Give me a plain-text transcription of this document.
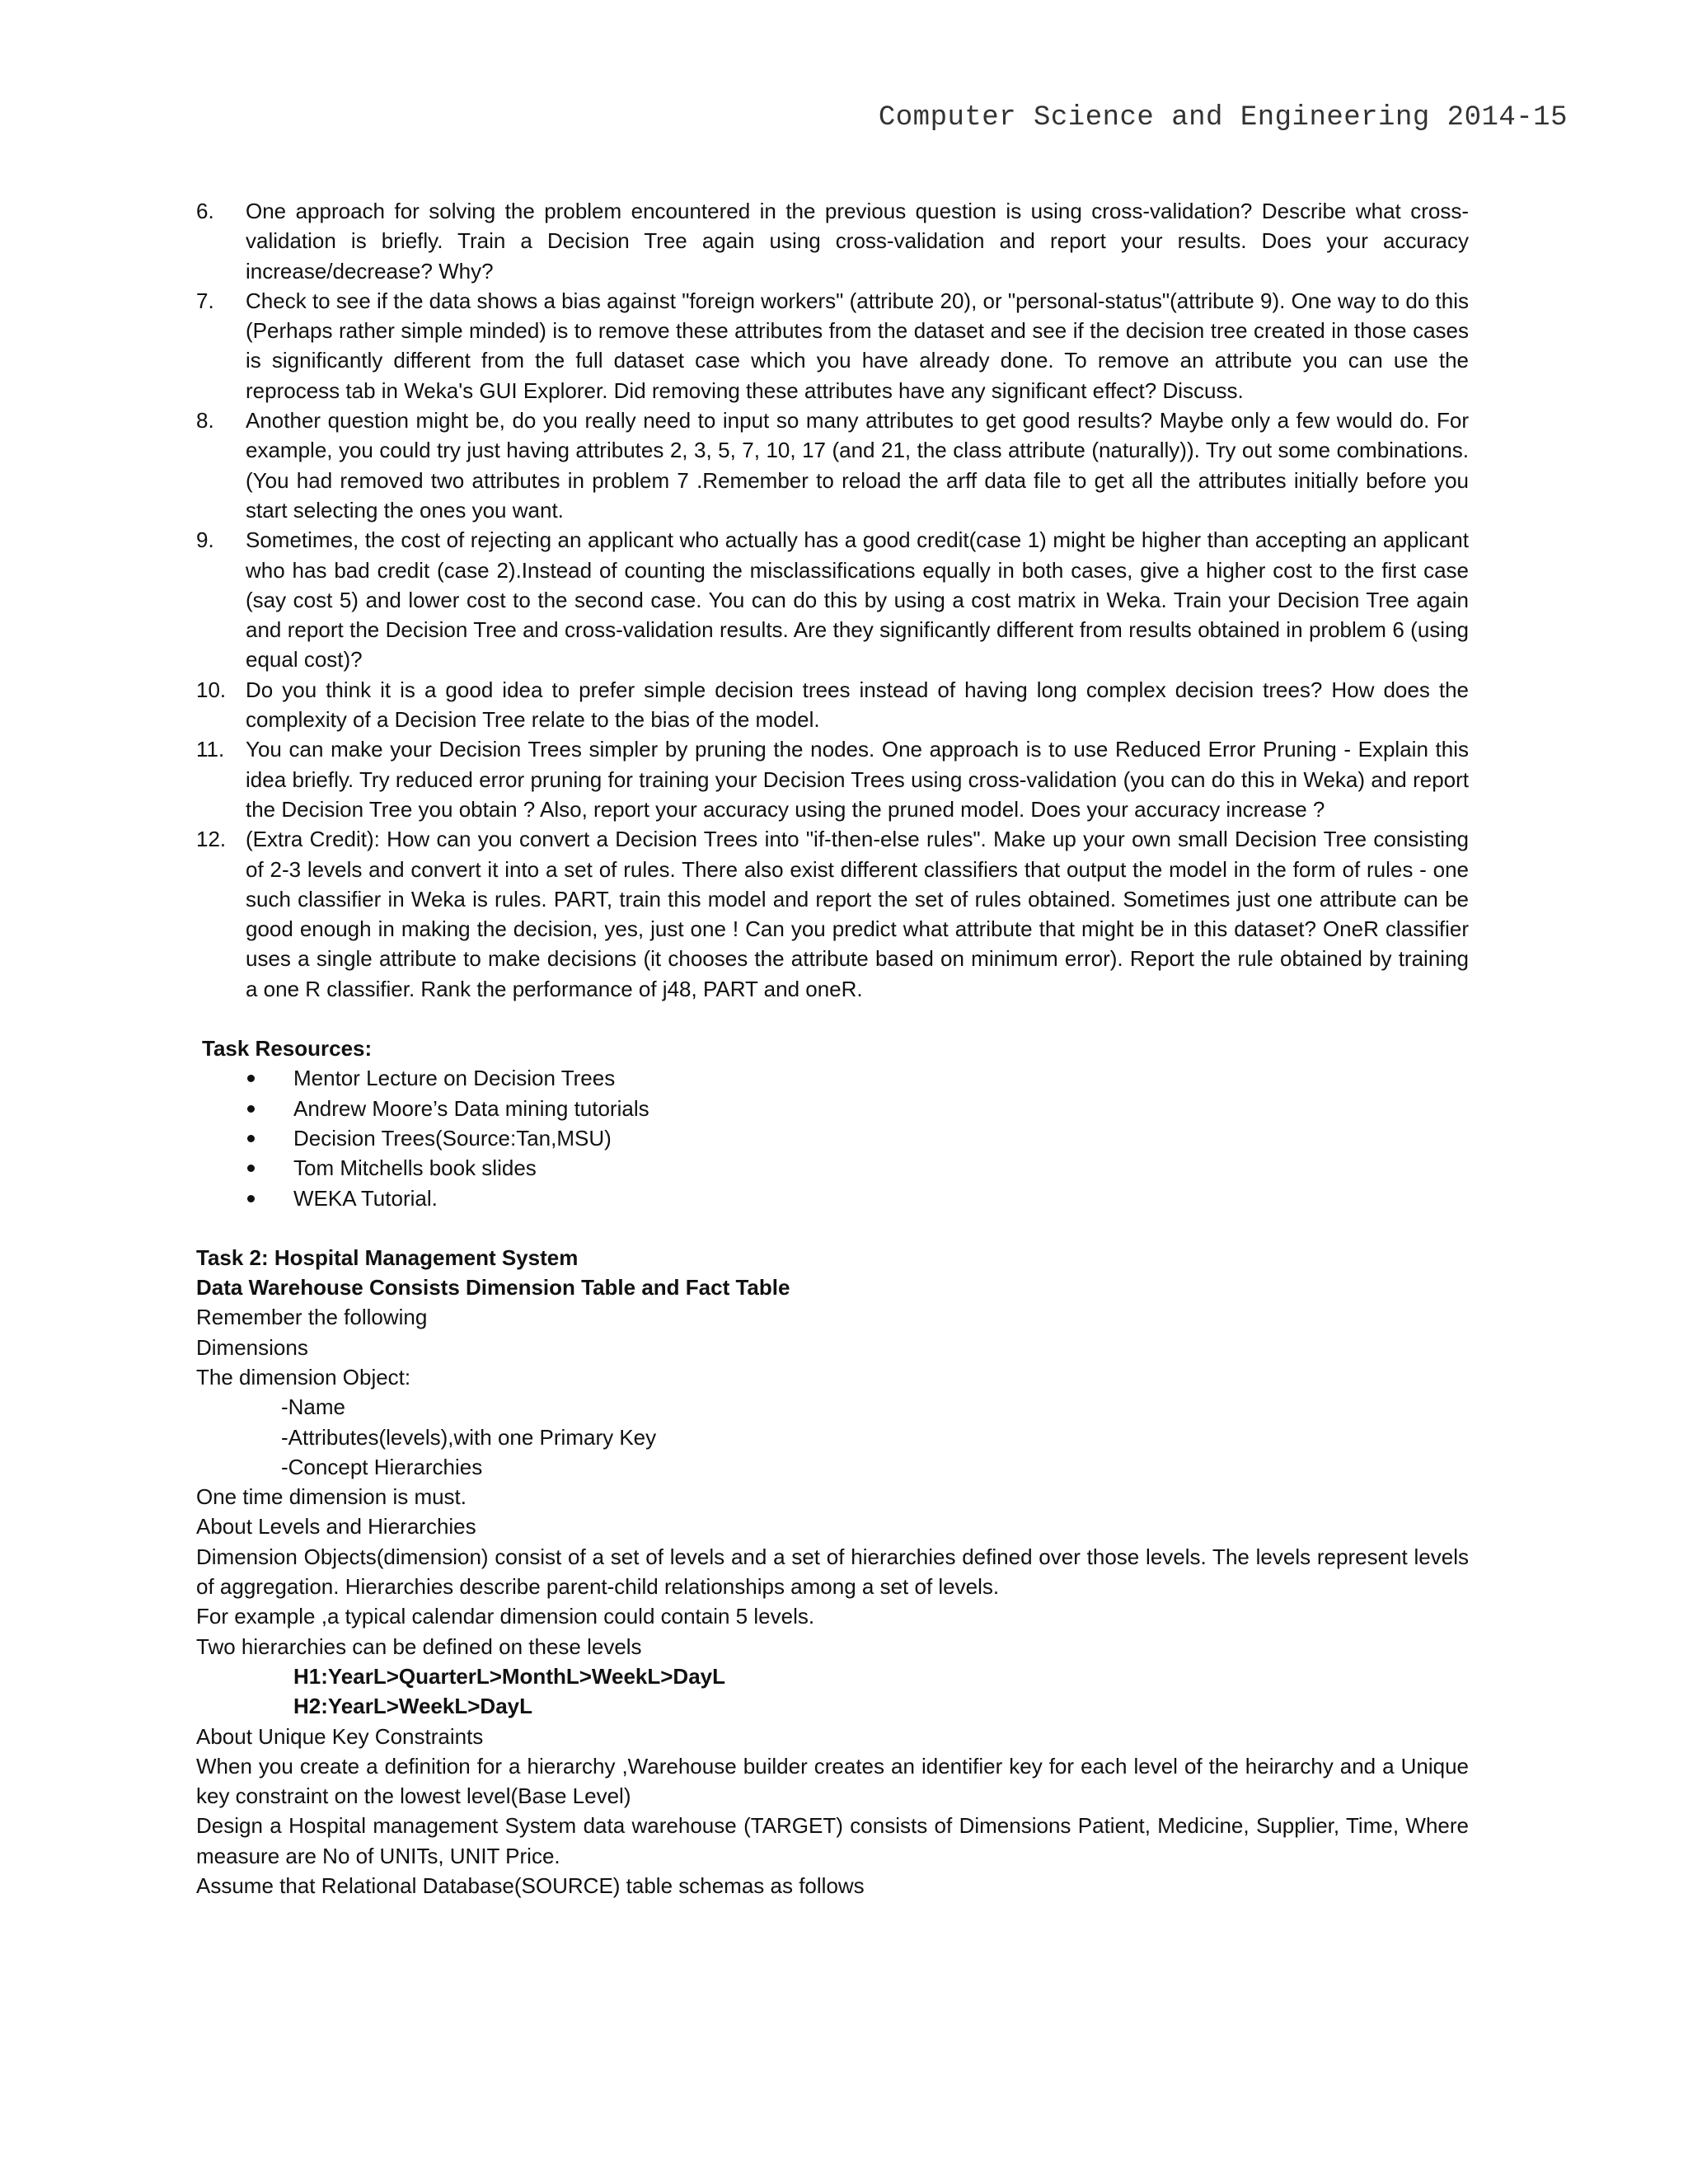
Computer Science and Engineering 2014-15
6. One approach for solving the problem encountered in the previous question is using cross-validation? Describe what cross-validation is briefly. Train a Decision Tree again using cross-validation and report your results. Does your accuracy increase/decrease? Why?
7. Check to see if the data shows a bias against "foreign workers" (attribute 20), or "personal-status"(attribute 9). One way to do this (Perhaps rather simple minded) is to remove these attributes from the dataset and see if the decision tree created in those cases is significantly different from the full dataset case which you have already done. To remove an attribute you can use the reprocess tab in Weka's GUI Explorer. Did removing these attributes have any significant effect? Discuss.
8. Another question might be, do you really need to input so many attributes to get good results? Maybe only a few would do. For example, you could try just having attributes 2, 3, 5, 7, 10, 17 (and 21, the class attribute (naturally)). Try out some combinations. (You had removed two attributes in problem 7 .Remember to reload the arff data file to get all the attributes initially before you start selecting the ones you want.
9. Sometimes, the cost of rejecting an applicant who actually has a good credit(case 1) might be higher than accepting an applicant who has bad credit (case 2).Instead of counting the misclassifications equally in both cases, give a higher cost to the first case (say cost 5) and lower cost to the second case. You can do this by using a cost matrix in Weka. Train your Decision Tree again and report the Decision Tree and cross-validation results. Are they significantly different from results obtained in problem 6 (using equal cost)?
10. Do you think it is a good idea to prefer simple decision trees instead of having long complex decision trees? How does the complexity of a Decision Tree relate to the bias of the model.
11. You can make your Decision Trees simpler by pruning the nodes. One approach is to use Reduced Error Pruning - Explain this idea briefly. Try reduced error pruning for training your Decision Trees using cross-validation (you can do this in Weka) and report the Decision Tree you obtain ? Also, report your accuracy using the pruned model. Does your accuracy increase ?
12. (Extra Credit): How can you convert a Decision Trees into "if-then-else rules". Make up your own small Decision Tree consisting of 2-3 levels and convert it into a set of rules. There also exist different classifiers that output the model in the form of rules - one such classifier in Weka is rules. PART, train this model and report the set of rules obtained. Sometimes just one attribute can be good enough in making the decision, yes, just one ! Can you predict what attribute that might be in this dataset? OneR classifier uses a single attribute to make decisions (it chooses the attribute based on minimum error). Report the rule obtained by training a one R classifier. Rank the performance of j48, PART and oneR.
Task Resources:
Mentor Lecture on Decision Trees
Andrew Moore’s Data mining tutorials
Decision Trees(Source:Tan,MSU)
Tom Mitchells book slides
WEKA Tutorial.
Task 2: Hospital Management System
Data Warehouse Consists Dimension Table and Fact Table
Remember the following
Dimensions
The dimension Object:
-Name
-Attributes(levels),with one Primary Key
-Concept Hierarchies
One time dimension is must.
About Levels and Hierarchies
Dimension Objects(dimension) consist of a set of levels and a set of hierarchies defined over those levels. The levels represent levels of aggregation. Hierarchies describe parent-child relationships among a set of levels.
For example ,a typical calendar dimension could contain 5 levels.
Two hierarchies can be defined on these levels
H1:YearL>QuarterL>MonthL>WeekL>DayL
H2:YearL>WeekL>DayL
About Unique Key Constraints
When you create a definition for a hierarchy ,Warehouse builder creates an identifier key for each level of the heirarchy and a Unique key constraint on the lowest level(Base Level)
Design a Hospital management System data warehouse (TARGET) consists of Dimensions Patient, Medicine, Supplier, Time, Where measure are No of UNITs, UNIT Price.
Assume that Relational Database(SOURCE) table schemas as follows
